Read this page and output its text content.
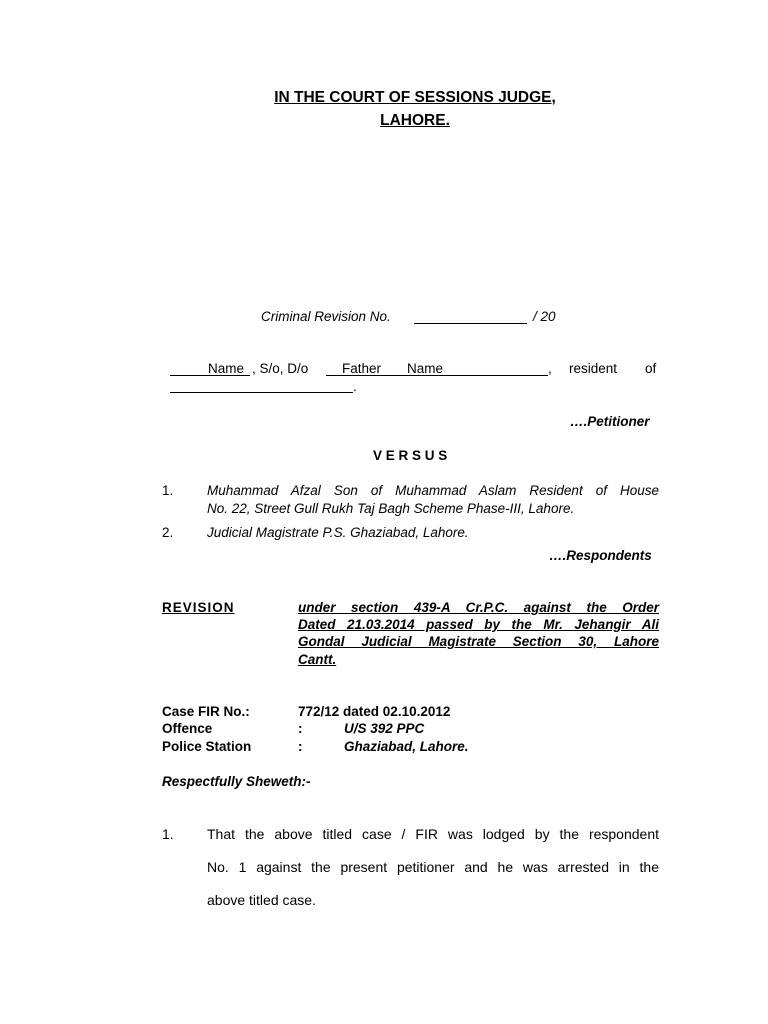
IN THE COURT OF SESSIONS JUDGE,
LAHORE.
Criminal Revision No.	/ 20
Name , S/o, D/o Father Name	, resident of
.
….Petitioner
V E R S U S
1. Muhammad Afzal Son of Muhammad Aslam Resident of House
No. 22, Street Gull Rukh Taj Bagh Scheme Phase-III, Lahore.
2. Judicial Magistrate P.S. Ghaziabad, Lahore.
….Respondents
REVISION	under section 439-A Cr.P.C. against the Order
Dated 21.03.2014 passed by the Mr. Jehangir Ali
Gondal Judicial Magistrate Section 30, Lahore
Cantt.
Case FIR No.:	772/12 dated 02.10.2012
Offence	:	U/S 392 PPC
Police Station	:	Ghaziabad, Lahore.
Respectfully Sheweth:-
1. That the above titled case / FIR was lodged by the respondent
No. 1 against the present petitioner and he was arrested in the
above titled case.
